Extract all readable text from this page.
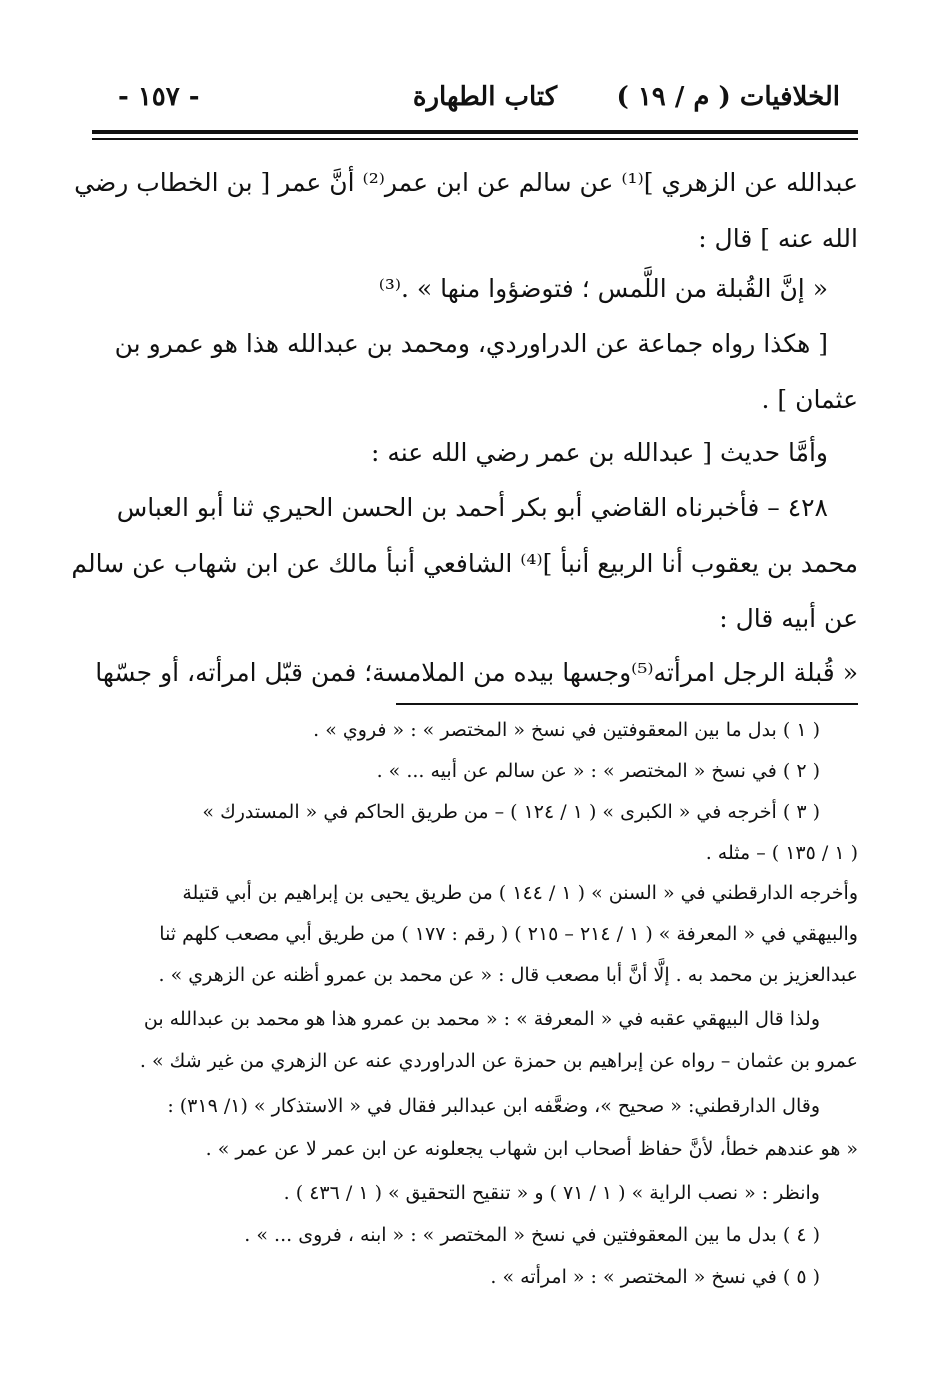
- ١٥٧ -	كتاب الطهارة الخلافيات ( م / ١٩ )
عبدالله عن الزهري ]⁽¹⁾ عن سالم عن ابن عمر⁽²⁾ أنَّ عمر [ بن الخطاب رضي
الله عنه ] قال :
« إنَّ القُبلة من اللَّمس ؛ فتوضؤوا منها » .⁽³⁾
[ هكذا رواه جماعة عن الدراوردي، ومحمد بن عبدالله هذا هو عمرو بن
عثمان ] .
وأمَّا حديث [ عبدالله بن عمر رضي الله عنه :
٤٢٨ – فأخبرناه القاضي أبو بكر أحمد بن الحسن الحيري ثنا أبو العباس
محمد بن يعقوب أنا الربيع أنبأ ]⁽⁴⁾ الشافعي أنبأ مالك عن ابن شهاب عن سالم
عن أبيه قال :
« قُبلة الرجل امرأته⁽⁵⁾وجسها بيده من الملامسة؛ فمن قبّل امرأته، أو جسّها
( ١ ) بدل ما بين المعقوفتين في نسخ « المختصر » : « فروي » .
( ٢ ) في نسخ « المختصر » : « عن سالم عن أبيه ... » .
( ٣ ) أخرجه في « الكبرى » ( ١ / ١٢٤ ) – من طريق الحاكم في « المستدرك »
( ١ / ١٣٥ ) – مثله .
وأخرجه الدارقطني في « السنن » ( ١ / ١٤٤ ) من طريق يحيى بن إبراهيم بن أبي قتيلة
والبيهقي في « المعرفة » ( ١ / ٢١٤ – ٢١٥ ) ( رقم : ١٧٧ ) من طريق أبي مصعب كلهم ثنا
عبدالعزيز بن محمد به . إلَّا أنَّ أبا مصعب قال : « عن محمد بن عمرو أظنه عن الزهري » .
ولذا قال البيهقي عقبه في « المعرفة » : « محمد بن عمرو هذا هو محمد بن عبدالله بن
عمرو بن عثمان – رواه عن إبراهيم بن حمزة عن الدراوردي عنه عن الزهري من غير شك » .
وقال الدارقطني: « صحيح »، وضعَّفه ابن عبدالبر فقال في « الاستذكار » (١/ ٣١٩) :
« هو عندهم خطأ، لأنَّ حفاظ أصحاب ابن شهاب يجعلونه عن ابن عمر لا عن عمر » .
وانظر : « نصب الراية » ( ١ / ٧١ ) و « تنقيح التحقيق » ( ١ / ٤٣٦ ) .
( ٤ ) بدل ما بين المعقوفتين في نسخ « المختصر » : « ابنه ، فروى ... » .
( ٥ ) في نسخ « المختصر » : « امرأته » .
